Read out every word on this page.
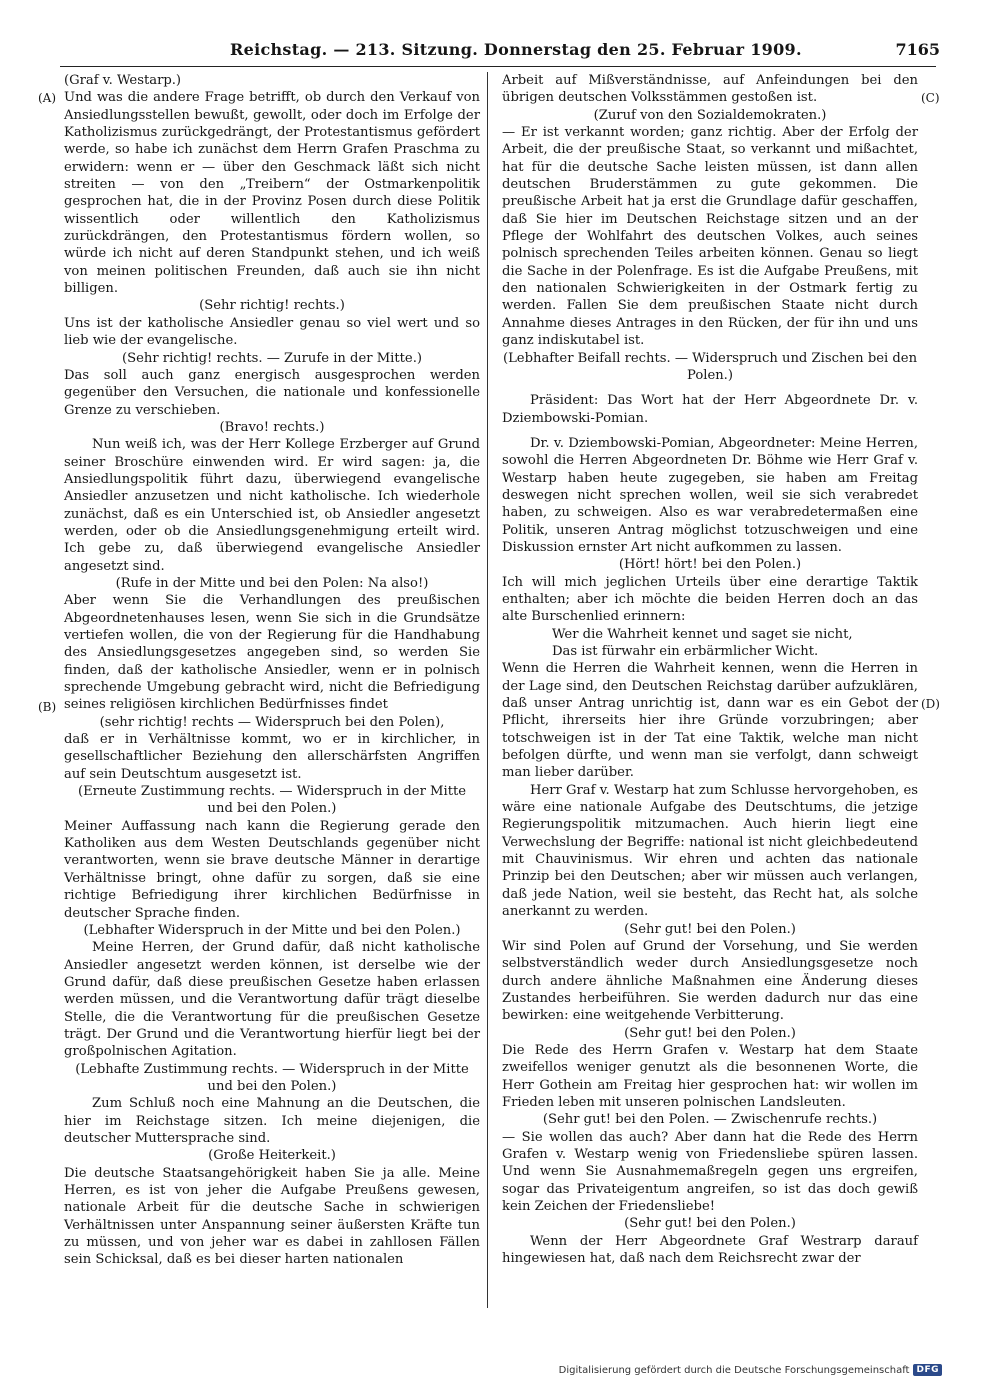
Reichstag. — 213. Sitzung. Donnerstag den 25. Februar 1909.	7165
(A)
(B)
(C)
(D)

(Graf v. Westarp.)

Und was die andere Frage betrifft, ob durch den Verkauf von Ansiedlungsstellen bewußt, gewollt, oder doch im Erfolge der Katholizismus zurückgedrängt, der Protestantismus gefördert werde, so habe ich zunächst dem Herrn Grafen Praschma zu erwidern: wenn er — über den Geschmack läßt sich nicht streiten — von den „Treibern“ der Ostmarkenpolitik gesprochen hat, die in der Provinz Posen durch diese Politik wissentlich oder willentlich den Katholizismus zurückdrängen, den Protestantismus fördern wollen, so würde ich nicht auf deren Standpunkt stehen, und ich weiß von meinen politischen Freunden, daß auch sie ihn nicht billigen.

(Sehr richtig! rechts.)

Uns ist der katholische Ansiedler genau so viel wert und so lieb wie der evangelische.

(Sehr richtig! rechts. — Zurufe in der Mitte.)

Das soll auch ganz energisch ausgesprochen werden gegenüber den Versuchen, die nationale und konfessionelle Grenze zu verschieben.

(Bravo! rechts.)

Nun weiß ich, was der Herr Kollege Erzberger auf Grund seiner Broschüre einwenden wird. Er wird sagen: ja, die Ansiedlungspolitik führt dazu, überwiegend evangelische Ansiedler anzusetzen und nicht katholische. Ich wiederhole zunächst, daß es ein Unterschied ist, ob Ansiedler angesetzt werden, oder ob die Ansiedlungsgenehmigung erteilt wird. Ich gebe zu, daß überwiegend evangelische Ansiedler angesetzt sind.

(Rufe in der Mitte und bei den Polen: Na also!)

Aber wenn Sie die Verhandlungen des preußischen Abgeordnetenhauses lesen, wenn Sie sich in die Grundsätze vertiefen wollen, die von der Regierung für die Handhabung des Ansiedlungsgesetzes angegeben sind, so werden Sie finden, daß der katholische Ansiedler, wenn er in polnisch sprechende Umgebung gebracht wird, nicht die Befriedigung seines religiösen kirchlichen Bedürfnisses findet

(sehr richtig! rechts — Widerspruch bei den Polen),

daß er in Verhältnisse kommt, wo er in kirchlicher, in gesellschaftlicher Beziehung den allerschärfsten Angriffen auf sein Deutschtum ausgesetzt ist.

(Erneute Zustimmung rechts. — Widerspruch in der Mitte und bei den Polen.)

Meiner Auffassung nach kann die Regierung gerade den Katholiken aus dem Westen Deutschlands gegenüber nicht verantworten, wenn sie brave deutsche Männer in derartige Verhältnisse bringt, ohne dafür zu sorgen, daß sie eine richtige Befriedigung ihrer kirchlichen Bedürfnisse in deutscher Sprache finden.

(Lebhafter Widerspruch in der Mitte und bei den Polen.)

Meine Herren, der Grund dafür, daß nicht katholische Ansiedler angesetzt werden können, ist derselbe wie der Grund dafür, daß diese preußischen Gesetze haben erlassen werden müssen, und die Verantwortung dafür trägt dieselbe Stelle, die die Verantwortung für die preußischen Gesetze trägt. Der Grund und die Verantwortung hierfür liegt bei der großpolnischen Agitation.

(Lebhafte Zustimmung rechts. — Widerspruch in der Mitte und bei den Polen.)

Zum Schluß noch eine Mahnung an die Deutschen, die hier im Reichstage sitzen. Ich meine diejenigen, die deutscher Muttersprache sind.

(Große Heiterkeit.)

Die deutsche Staatsangehörigkeit haben Sie ja alle. Meine Herren, es ist von jeher die Aufgabe Preußens gewesen, nationale Arbeit für die deutsche Sache in schwierigen Verhältnissen unter Anspannung seiner äußersten Kräfte tun zu müssen, und von jeher war es dabei in zahllosen Fällen sein Schicksal, daß es bei dieser harten nationalen

Arbeit auf Mißverständnisse, auf Anfeindungen bei den übrigen deutschen Volksstämmen gestoßen ist.

(Zuruf von den Sozialdemokraten.)

— Er ist verkannt worden; ganz richtig. Aber der Erfolg der Arbeit, die der preußische Staat, so verkannt und mißachtet, hat für die deutsche Sache leisten müssen, ist dann allen deutschen Bruderstämmen zu gute gekommen. Die preußische Arbeit hat ja erst die Grundlage dafür geschaffen, daß Sie hier im Deutschen Reichstage sitzen und an der Pflege der Wohlfahrt des deutschen Volkes, auch seines polnisch sprechenden Teiles arbeiten können. Genau so liegt die Sache in der Polenfrage. Es ist die Aufgabe Preußens, mit den nationalen Schwierigkeiten in der Ostmark fertig zu werden. Fallen Sie dem preußischen Staate nicht durch Annahme dieses Antrages in den Rücken, der für ihn und uns ganz indiskutabel ist.

(Lebhafter Beifall rechts. — Widerspruch und Zischen bei den Polen.)

Präsident: Das Wort hat der Herr Abgeordnete Dr. v. Dziembowski-Pomian.

Dr. v. Dziembowski-Pomian, Abgeordneter: Meine Herren, sowohl die Herren Abgeordneten Dr. Böhme wie Herr Graf v. Westarp haben heute zugegeben, sie haben am Freitag deswegen nicht sprechen wollen, weil sie sich verabredet haben, zu schweigen. Also es war verabredetermaßen eine Politik, unseren Antrag möglichst totzuschweigen und eine Diskussion ernster Art nicht aufkommen zu lassen.

(Hört! hört! bei den Polen.)

Ich will mich jeglichen Urteils über eine derartige Taktik enthalten; aber ich möchte die beiden Herren doch an das alte Burschenlied erinnern:

Wer die Wahrheit kennet und saget sie nicht,

Das ist fürwahr ein erbärmlicher Wicht.

Wenn die Herren die Wahrheit kennen, wenn die Herren in der Lage sind, den Deutschen Reichstag darüber aufzuklären, daß unser Antrag unrichtig ist, dann war es ein Gebot der Pflicht, ihrerseits hier ihre Gründe vorzubringen; aber totschweigen ist in der Tat eine Taktik, welche man nicht befolgen dürfte, und wenn man sie verfolgt, dann schweigt man lieber darüber.

Herr Graf v. Westarp hat zum Schlusse hervorgehoben, es wäre eine nationale Aufgabe des Deutschtums, die jetzige Regierungspolitik mitzumachen. Auch hierin liegt eine Verwechslung der Begriffe: national ist nicht gleichbedeutend mit Chauvinismus. Wir ehren und achten das nationale Prinzip bei den Deutschen; aber wir müssen auch verlangen, daß jede Nation, weil sie besteht, das Recht hat, als solche anerkannt zu werden.

(Sehr gut! bei den Polen.)

Wir sind Polen auf Grund der Vorsehung, und Sie werden selbstverständlich weder durch Ansiedlungsgesetze noch durch andere ähnliche Maßnahmen eine Änderung dieses Zustandes herbeiführen. Sie werden dadurch nur das eine bewirken: eine weitgehende Verbitterung.

(Sehr gut! bei den Polen.)

Die Rede des Herrn Grafen v. Westarp hat dem Staate zweifellos weniger genutzt als die besonnenen Worte, die Herr Gothein am Freitag hier gesprochen hat: wir wollen im Frieden leben mit unseren polnischen Landsleuten.

(Sehr gut! bei den Polen. — Zwischenrufe rechts.)

— Sie wollen das auch? Aber dann hat die Rede des Herrn Grafen v. Westarp wenig von Friedensliebe spüren lassen. Und wenn Sie Ausnahmemaßregeln gegen uns ergreifen, sogar das Privateigentum angreifen, so ist das doch gewiß kein Zeichen der Friedensliebe!

(Sehr gut! bei den Polen.)

Wenn der Herr Abgeordnete Graf Westrarp darauf hingewiesen hat, daß nach dem Reichsrecht zwar der

Digitalisierung gefördert durch die Deutsche Forschungsgemeinschaft DFG
